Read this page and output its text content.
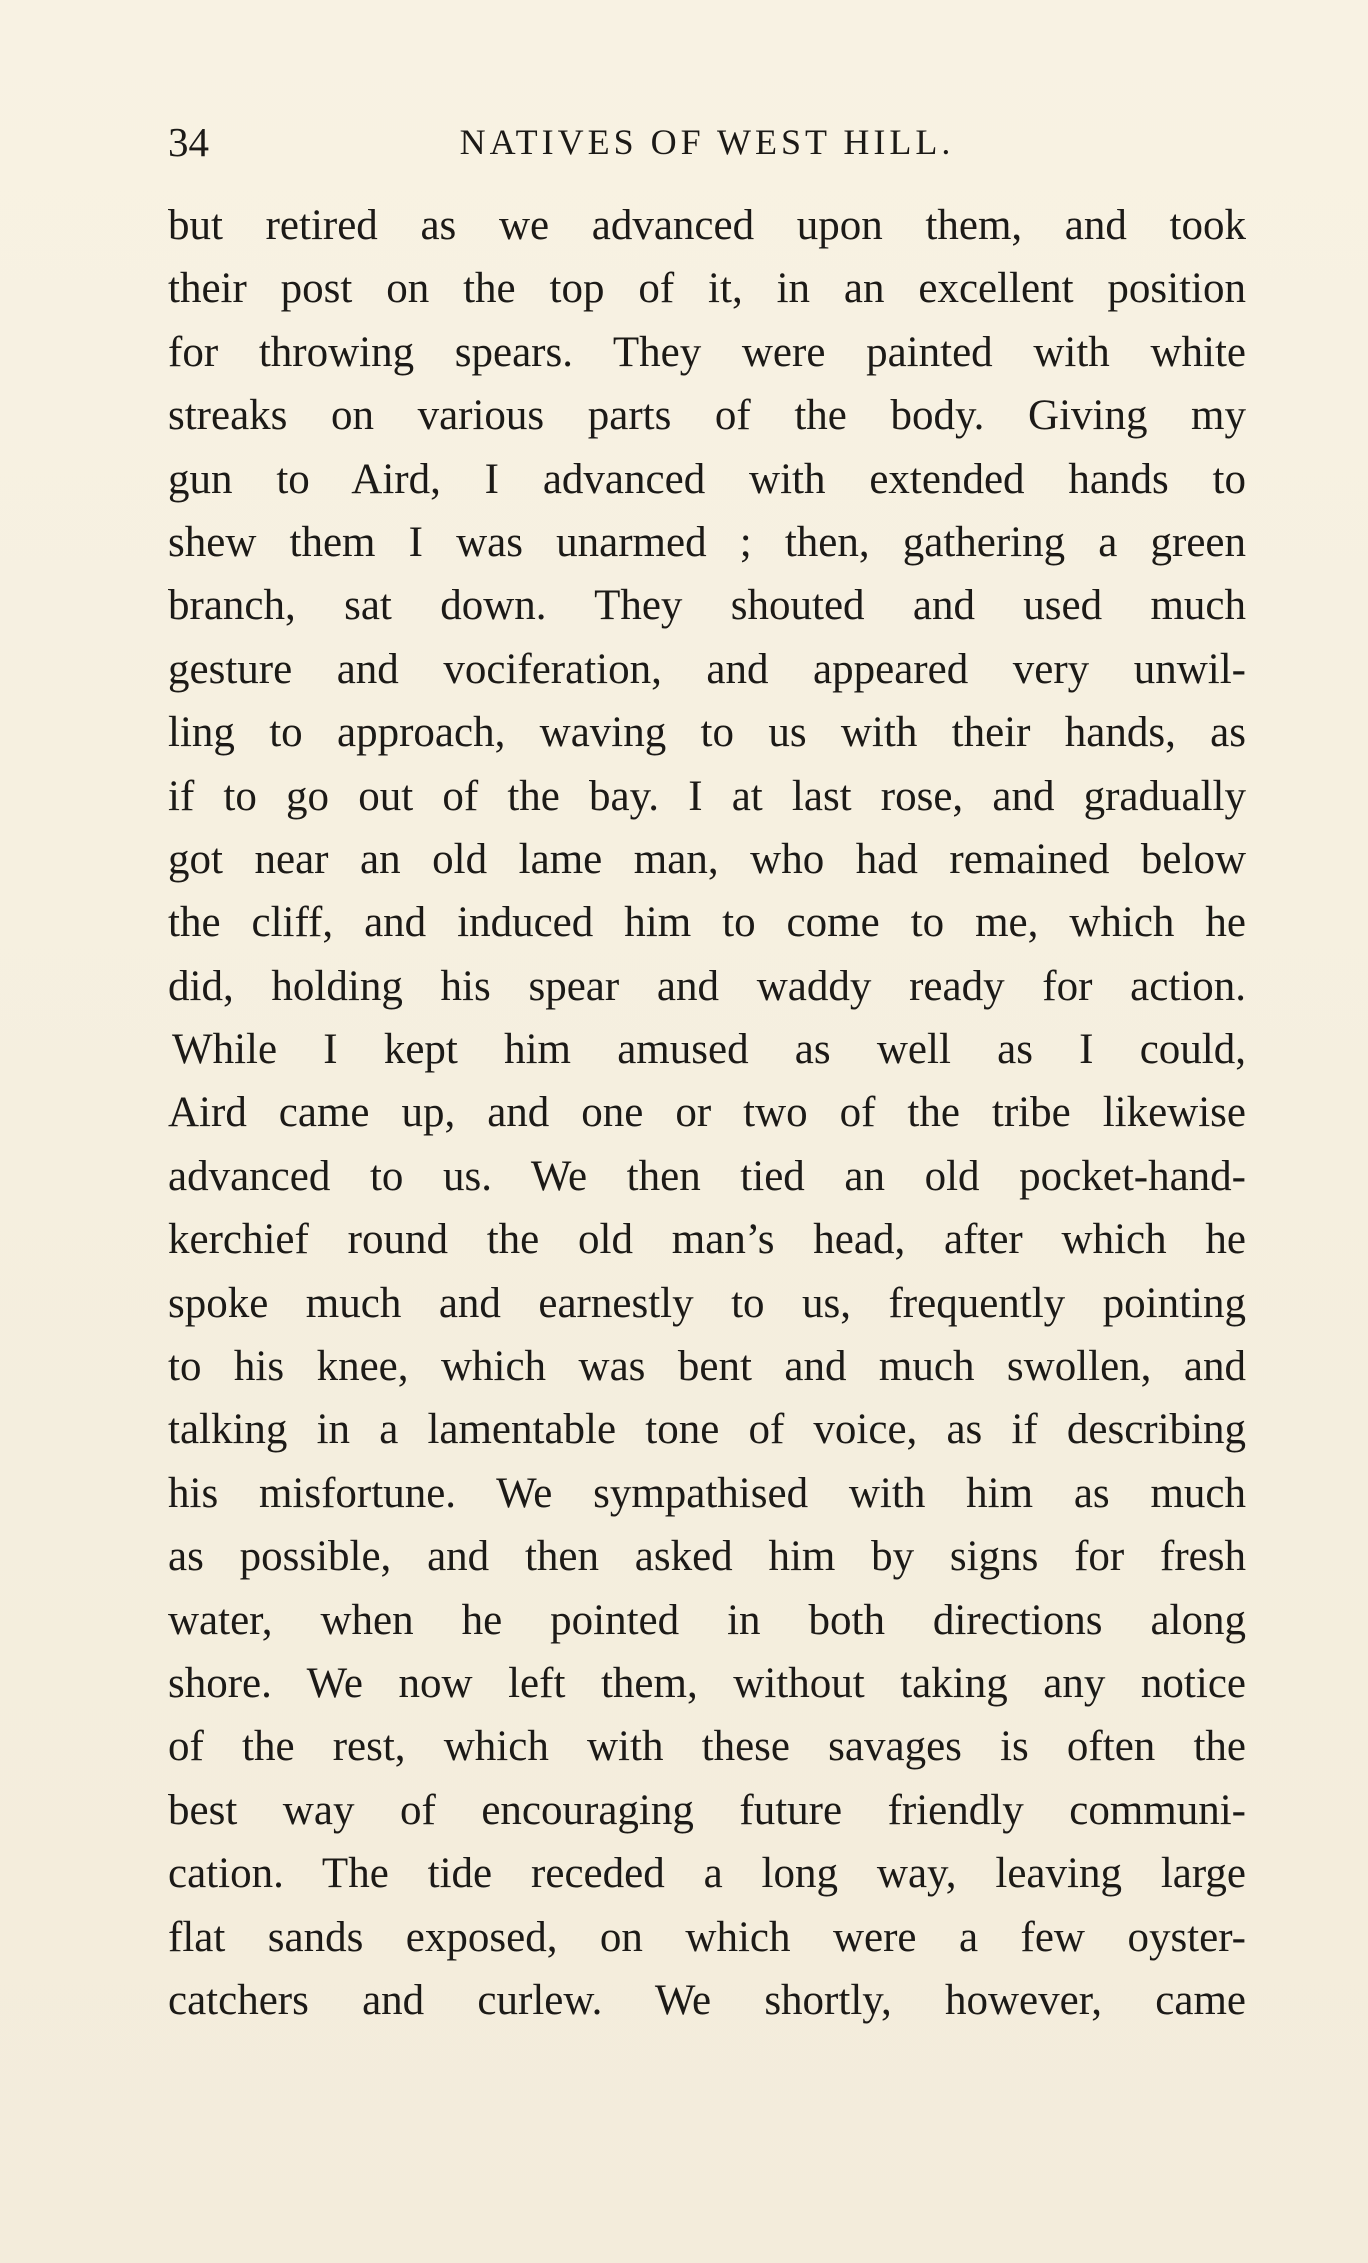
34	NATIVES OF WEST HILL.
but retired as we advanced upon them, and took
their post on the top of it, in an excellent position
for throwing spears. They were painted with white
streaks on various parts of the body. Giving my
gun to Aird, I advanced with extended hands to
shew them I was unarmed ; then, gathering a green
branch, sat down. They shouted and used much
gesture and vociferation, and appeared very unwil-
ling to approach, waving to us with their hands, as
if to go out of the bay. I at last rose, and gradually
got near an old lame man, who had remained below
the cliff, and induced him to come to me, which he
did, holding his spear and waddy ready for action.
While I kept him amused as well as I could,
Aird came up, and one or two of the tribe likewise
advanced to us. We then tied an old pocket-hand-
kerchief round the old man’s head, after which he
spoke much and earnestly to us, frequently pointing
to his knee, which was bent and much swollen, and
talking in a lamentable tone of voice, as if describing
his misfortune. We sympathised with him as much
as possible, and then asked him by signs for fresh
water, when he pointed in both directions along
shore. We now left them, without taking any notice
of the rest, which with these savages is often the
best way of encouraging future friendly communi-
cation. The tide receded a long way, leaving large
flat sands exposed, on which were a few oyster-
catchers and curlew. We shortly, however, came
